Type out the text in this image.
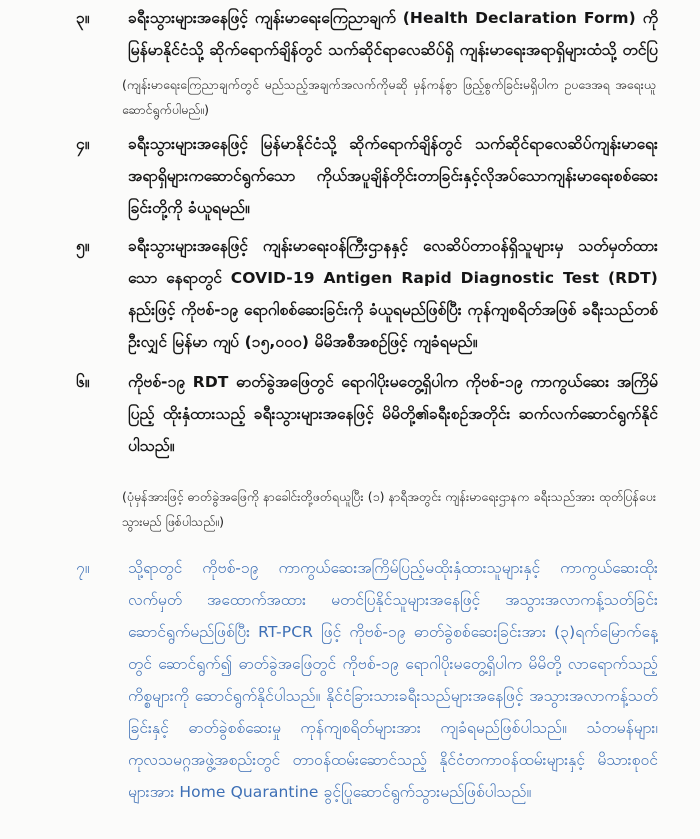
၃။ ခရီးသွားများအနေဖြင့် ကျန်းမာရေးကြေညာချက် (Health Declaration Form) ကို မြန်မာနိုင်ငံသို့ ဆိုက်ရောက်ချိန်တွင် သက်ဆိုင်ရာလေဆိပ်ရှိ ကျန်းမာရေးအရာရှိများထံသို့ တင်ပြ
(ကျန်းမာရေးကြေညာချက်တွင် မည်သည့်အချက်အလက်ကိုမဆို မှန်ကန်စွာ ဖြည့်စွက်ခြင်းမရှိပါက ဥပဒေအရ အရေးယူဆောင်ရွက်ပါမည်။)
၄။ ခရီးသွားများအနေဖြင့် မြန်မာနိုင်ငံသို့ ဆိုက်ရောက်ချိန်တွင် သက်ဆိုင်ရာလေဆိပ်ကျန်းမာရေးအရာရှိများကဆောင်ရွက်သော ကိုယ်အပူချိန်တိုင်းတာခြင်းနှင့်လိုအပ်သောကျန်းမာရေးစစ်ဆေးခြင်းတို့ကို ခံယူရမည်။
၅။ ခရီးသွားများအနေဖြင့် ကျန်းမာရေးဝန်ကြီးဌာနနှင့် လေဆိပ်တာဝန်ရှိသူများမှ သတ်မှတ်ထားသော နေရာတွင် COVID-19 Antigen Rapid Diagnostic Test (RDT) နည်းဖြင့် ကိုဗစ်-၁၉ ရောဂါစစ်ဆေးခြင်းကို ခံယူရမည်ဖြစ်ပြီး ကုန်ကျစရိတ်အဖြစ် ခရီးသည်တစ်ဦးလျှင် မြန်မာ ကျပ် (၁၅,၀၀၀) မိမိအစီအစဉ်ဖြင့် ကျခံရမည်။
၆။ ကိုဗစ်-၁၉ RDT ဓာတ်ခွဲအဖြေတွင် ရောဂါပိုးမတွေ့ရှိပါက ကိုဗစ်-၁၉ ကာကွယ်ဆေး အကြိမ်ပြည့် ထိုးနှံထားသည့် ခရီးသွားများအနေဖြင့် မိမိတို့၏ခရီးစဉ်အတိုင်း ဆက်လက်ဆောင်ရွက်နိုင်ပါသည်။
(ပုံမှန်အားဖြင့် ဓာတ်ခွဲအဖြေကို နာခေါင်းတို့ဖတ်ရယူပြီး (၁) နာရီအတွင်း ကျန်းမာရေးဌာနက ခရီးသည်အား ထုတ်ပြန်ပေးသွားမည် ဖြစ်ပါသည်။)
၇။ သို့ရာတွင် ကိုဗစ်-၁၉ ကာကွယ်ဆေးအကြိမ်ပြည့်မထိုးနှံထားသူများနှင့် ကာကွယ်ဆေးထိုးလက်မှတ် အထောက်အထား မတင်ပြနိုင်သူများအနေဖြင့် အသွားအလာကန့်သတ်ခြင်း ဆောင်ရွက်မည်ဖြစ်ပြီး RT-PCR ဖြင့် ကိုဗစ်-၁၉ ဓာတ်ခွဲစစ်ဆေးခြင်းအား (၃)ရက်မြောက်နေ့တွင် ဆောင်ရွက်၍ ဓာတ်ခွဲအဖြေတွင် ကိုဗစ်-၁၉ ရောဂါပိုးမတွေ့ရှိပါက မိမိတို့ လာရောက်သည့်ကိစ္စများကို ဆောင်ရွက်နိုင်ပါသည်။ နိုင်ငံခြားသားခရီးသည်များအနေဖြင့် အသွားအလာကန့်သတ်ခြင်းနှင့် ဓာတ်ခွဲစစ်ဆေးမှု ကုန်ကျစရိတ်များအား ကျခံရမည်ဖြစ်ပါသည်။ သံတမန်များ၊ ကုလသမဂ္ဂအဖွဲ့အစည်းတွင် တာဝန်ထမ်းဆောင်သည့် နိုင်ငံတကာဝန်ထမ်းများနှင့် မိသားစုဝင်များအား Home Quarantine ခွင့်ပြုဆောင်ရွက်သွားမည်ဖြစ်ပါသည်။
